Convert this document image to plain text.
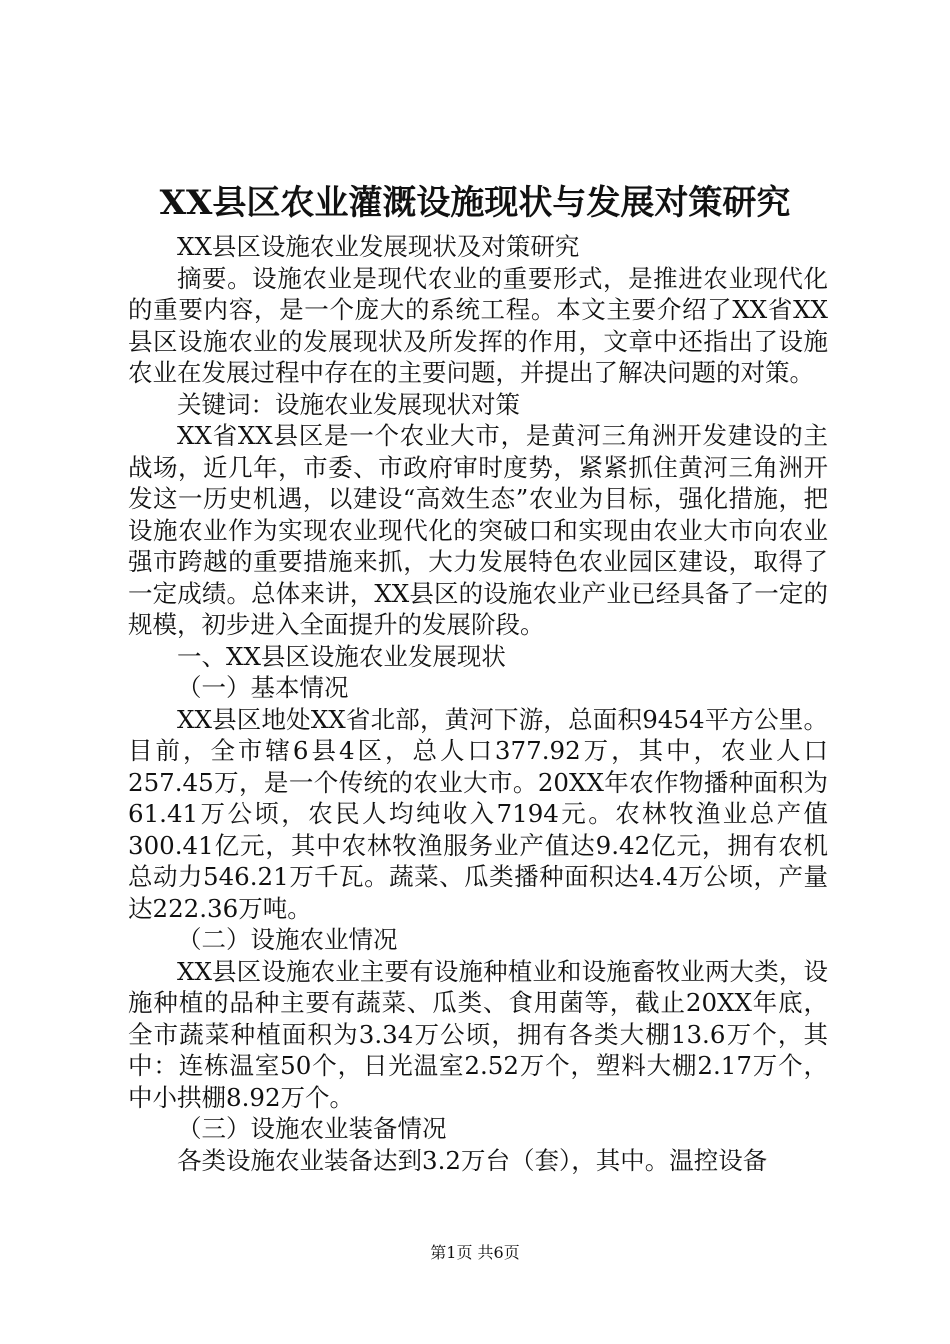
XX县区农业灌溉设施现状与发展对策研究

XX县区设施农业发展现状及对策研究

摘要。设施农业是现代农业的重要形式，是推进农业现代化的重要内容，是一个庞大的系统工程。本文主要介绍了XX省XX县区设施农业的发展现状及所发挥的作用，文章中还指出了设施农业在发展过程中存在的主要问题，并提出了解决问题的对策。

关键词：设施农业发展现状对策

XX省XX县区是一个农业大市，是黄河三角洲开发建设的主战场，近几年，市委、市政府审时度势，紧紧抓住黄河三角洲开发这一历史机遇，以建设“高效生态”农业为目标，强化措施，把设施农业作为实现农业现代化的突破口和实现由农业大市向农业强市跨越的重要措施来抓，大力发展特色农业园区建设，取得了一定成绩。总体来讲，XX县区的设施农业产业已经具备了一定的规模，初步进入全面提升的发展阶段。

一、XX县区设施农业发展现状

（一）基本情况

XX县区地处XX省北部，黄河下游，总面积9454平方公里。目前，全市辖6县4区，总人口377.92万，其中，农业人口257.45万，是一个传统的农业大市。20XX年农作物播种面积为61.41万公顷，农民人均纯收入7194元。农林牧渔业总产值300.41亿元，其中农林牧渔服务业产值达9.42亿元，拥有农机总动力546.21万千瓦。蔬菜、瓜类播种面积达4.4万公顷，产量达222.36万吨。

（二）设施农业情况

XX县区设施农业主要有设施种植业和设施畜牧业两大类，设施种植的品种主要有蔬菜、瓜类、食用菌等，截止20XX年底，全市蔬菜种植面积为3.34万公顷，拥有各类大棚13.6万个，其中：连栋温室50个，日光温室2.52万个，塑料大棚2.17万个，中小拱棚8.92万个。

（三）设施农业装备情况

各类设施农业装备达到3.2万台（套），其中。温控设备

第1页 共6页
